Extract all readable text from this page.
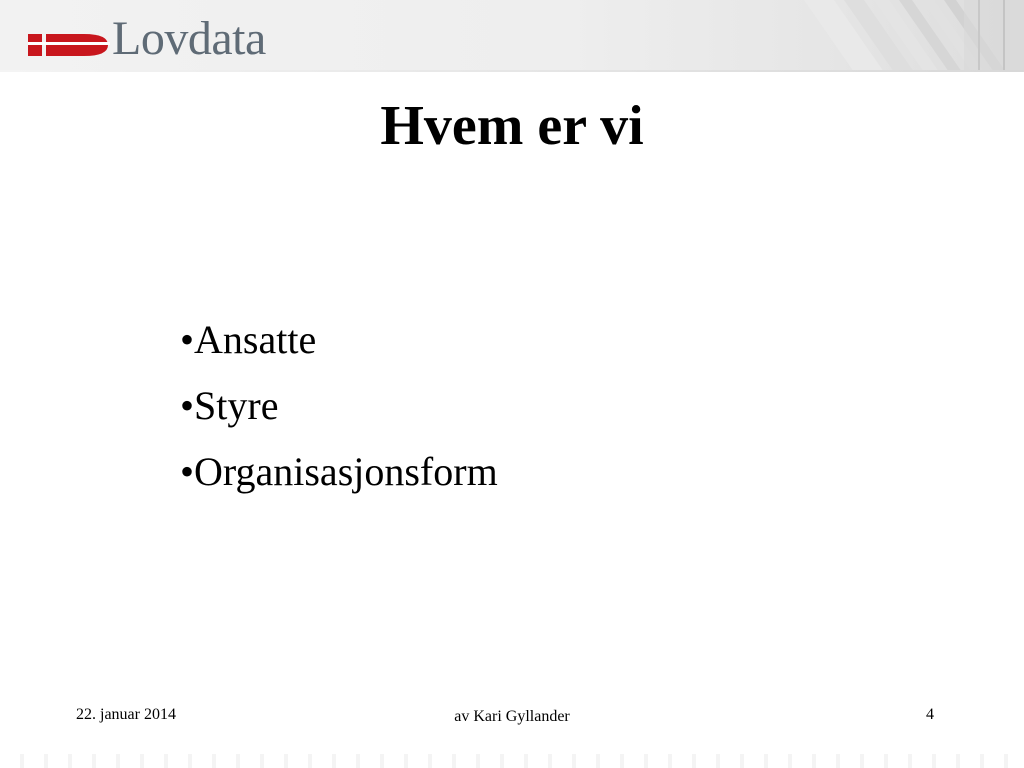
Lovdata
Hvem er vi
• Ansatte
• Styre
• Organisasjonsform
22. januar 2014	av Kari Gyllander	4
